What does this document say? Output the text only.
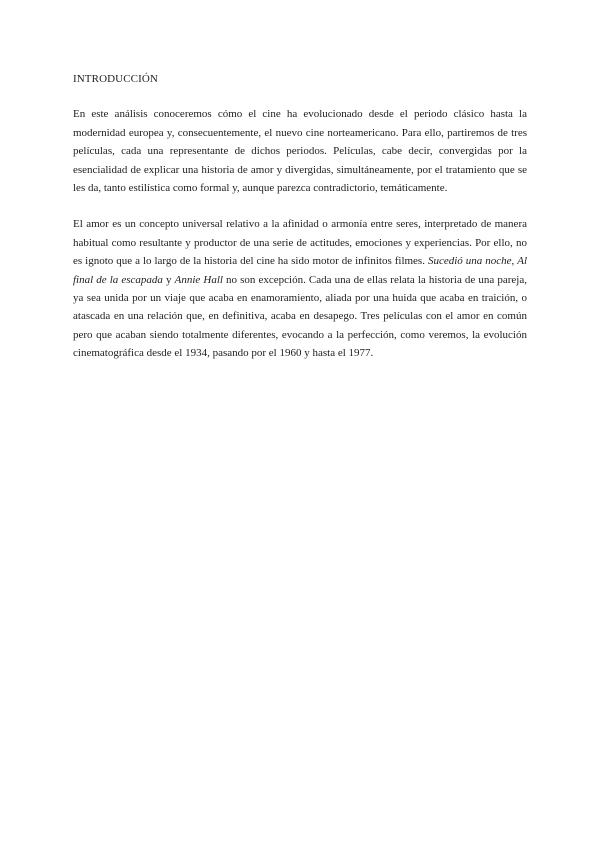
INTRODUCCIÓN

En este análisis conoceremos cómo el cine ha evolucionado desde el periodo clásico hasta la modernidad europea y, consecuentemente, el nuevo cine norteamericano. Para ello, partiremos de tres películas, cada una representante de dichos periodos. Películas, cabe decir, convergidas por la esencialidad de explicar una historia de amor y divergidas, simultáneamente, por el tratamiento que se les da, tanto estilística como formal y, aunque parezca contradictorio, temáticamente.

El amor es un concepto universal relativo a la afinidad o armonía entre seres, interpretado de manera habitual como resultante y productor de una serie de actitudes, emociones y experiencias. Por ello, no es ignoto que a lo largo de la historia del cine ha sido motor de infinitos filmes. Sucedió una noche, Al final de la escapada y Annie Hall no son excepción. Cada una de ellas relata la historia de una pareja, ya sea unida por un viaje que acaba en enamoramiento, aliada por una huida que acaba en traición, o atascada en una relación que, en definitiva, acaba en desapego. Tres películas con el amor en común pero que acaban siendo totalmente diferentes, evocando a la perfección, como veremos, la evolución cinematográfica desde el 1934, pasando por el 1960 y hasta el 1977.
